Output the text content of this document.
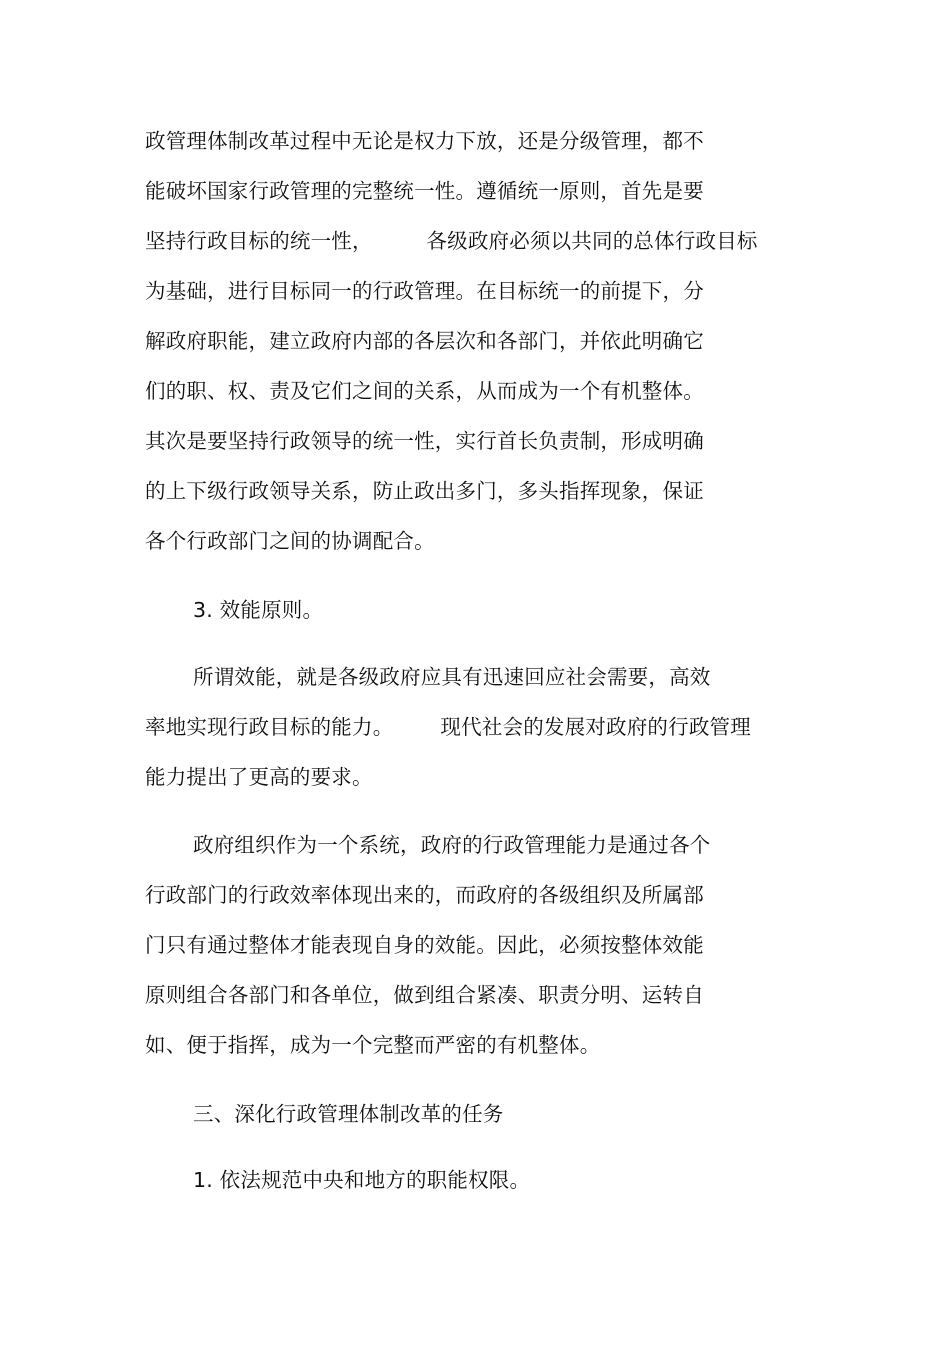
政管理体制改革过程中无论是权力下放，还是分级管理，都不
能破坏国家行政管理的完整统一性。遵循统一原则，首先是要
坚持行政目标的统一性，        各级政府必须以共同的总体行政目标
为基础，进行目标同一的行政管理。在目标统一的前提下，分
解政府职能，建立政府内部的各层次和各部门，并依此明确它
们的职、权、责及它们之间的关系，从而成为一个有机整体。
其次是要坚持行政领导的统一性，实行首长负责制，形成明确
的上下级行政领导关系，防止政出多门，多头指挥现象，保证
各个行政部门之间的协调配合。
3. 效能原则。
所谓效能，就是各级政府应具有迅速回应社会需要，高效
率地实现行政目标的能力。       现代社会的发展对政府的行政管理
能力提出了更高的要求。
政府组织作为一个系统，政府的行政管理能力是通过各个
行政部门的行政效率体现出来的，而政府的各级组织及所属部
门只有通过整体才能表现自身的效能。因此，必须按整体效能
原则组合各部门和各单位，做到组合紧凑、职责分明、运转自
如、便于指挥，成为一个完整而严密的有机整体。
三、深化行政管理体制改革的任务
1. 依法规范中央和地方的职能权限。
